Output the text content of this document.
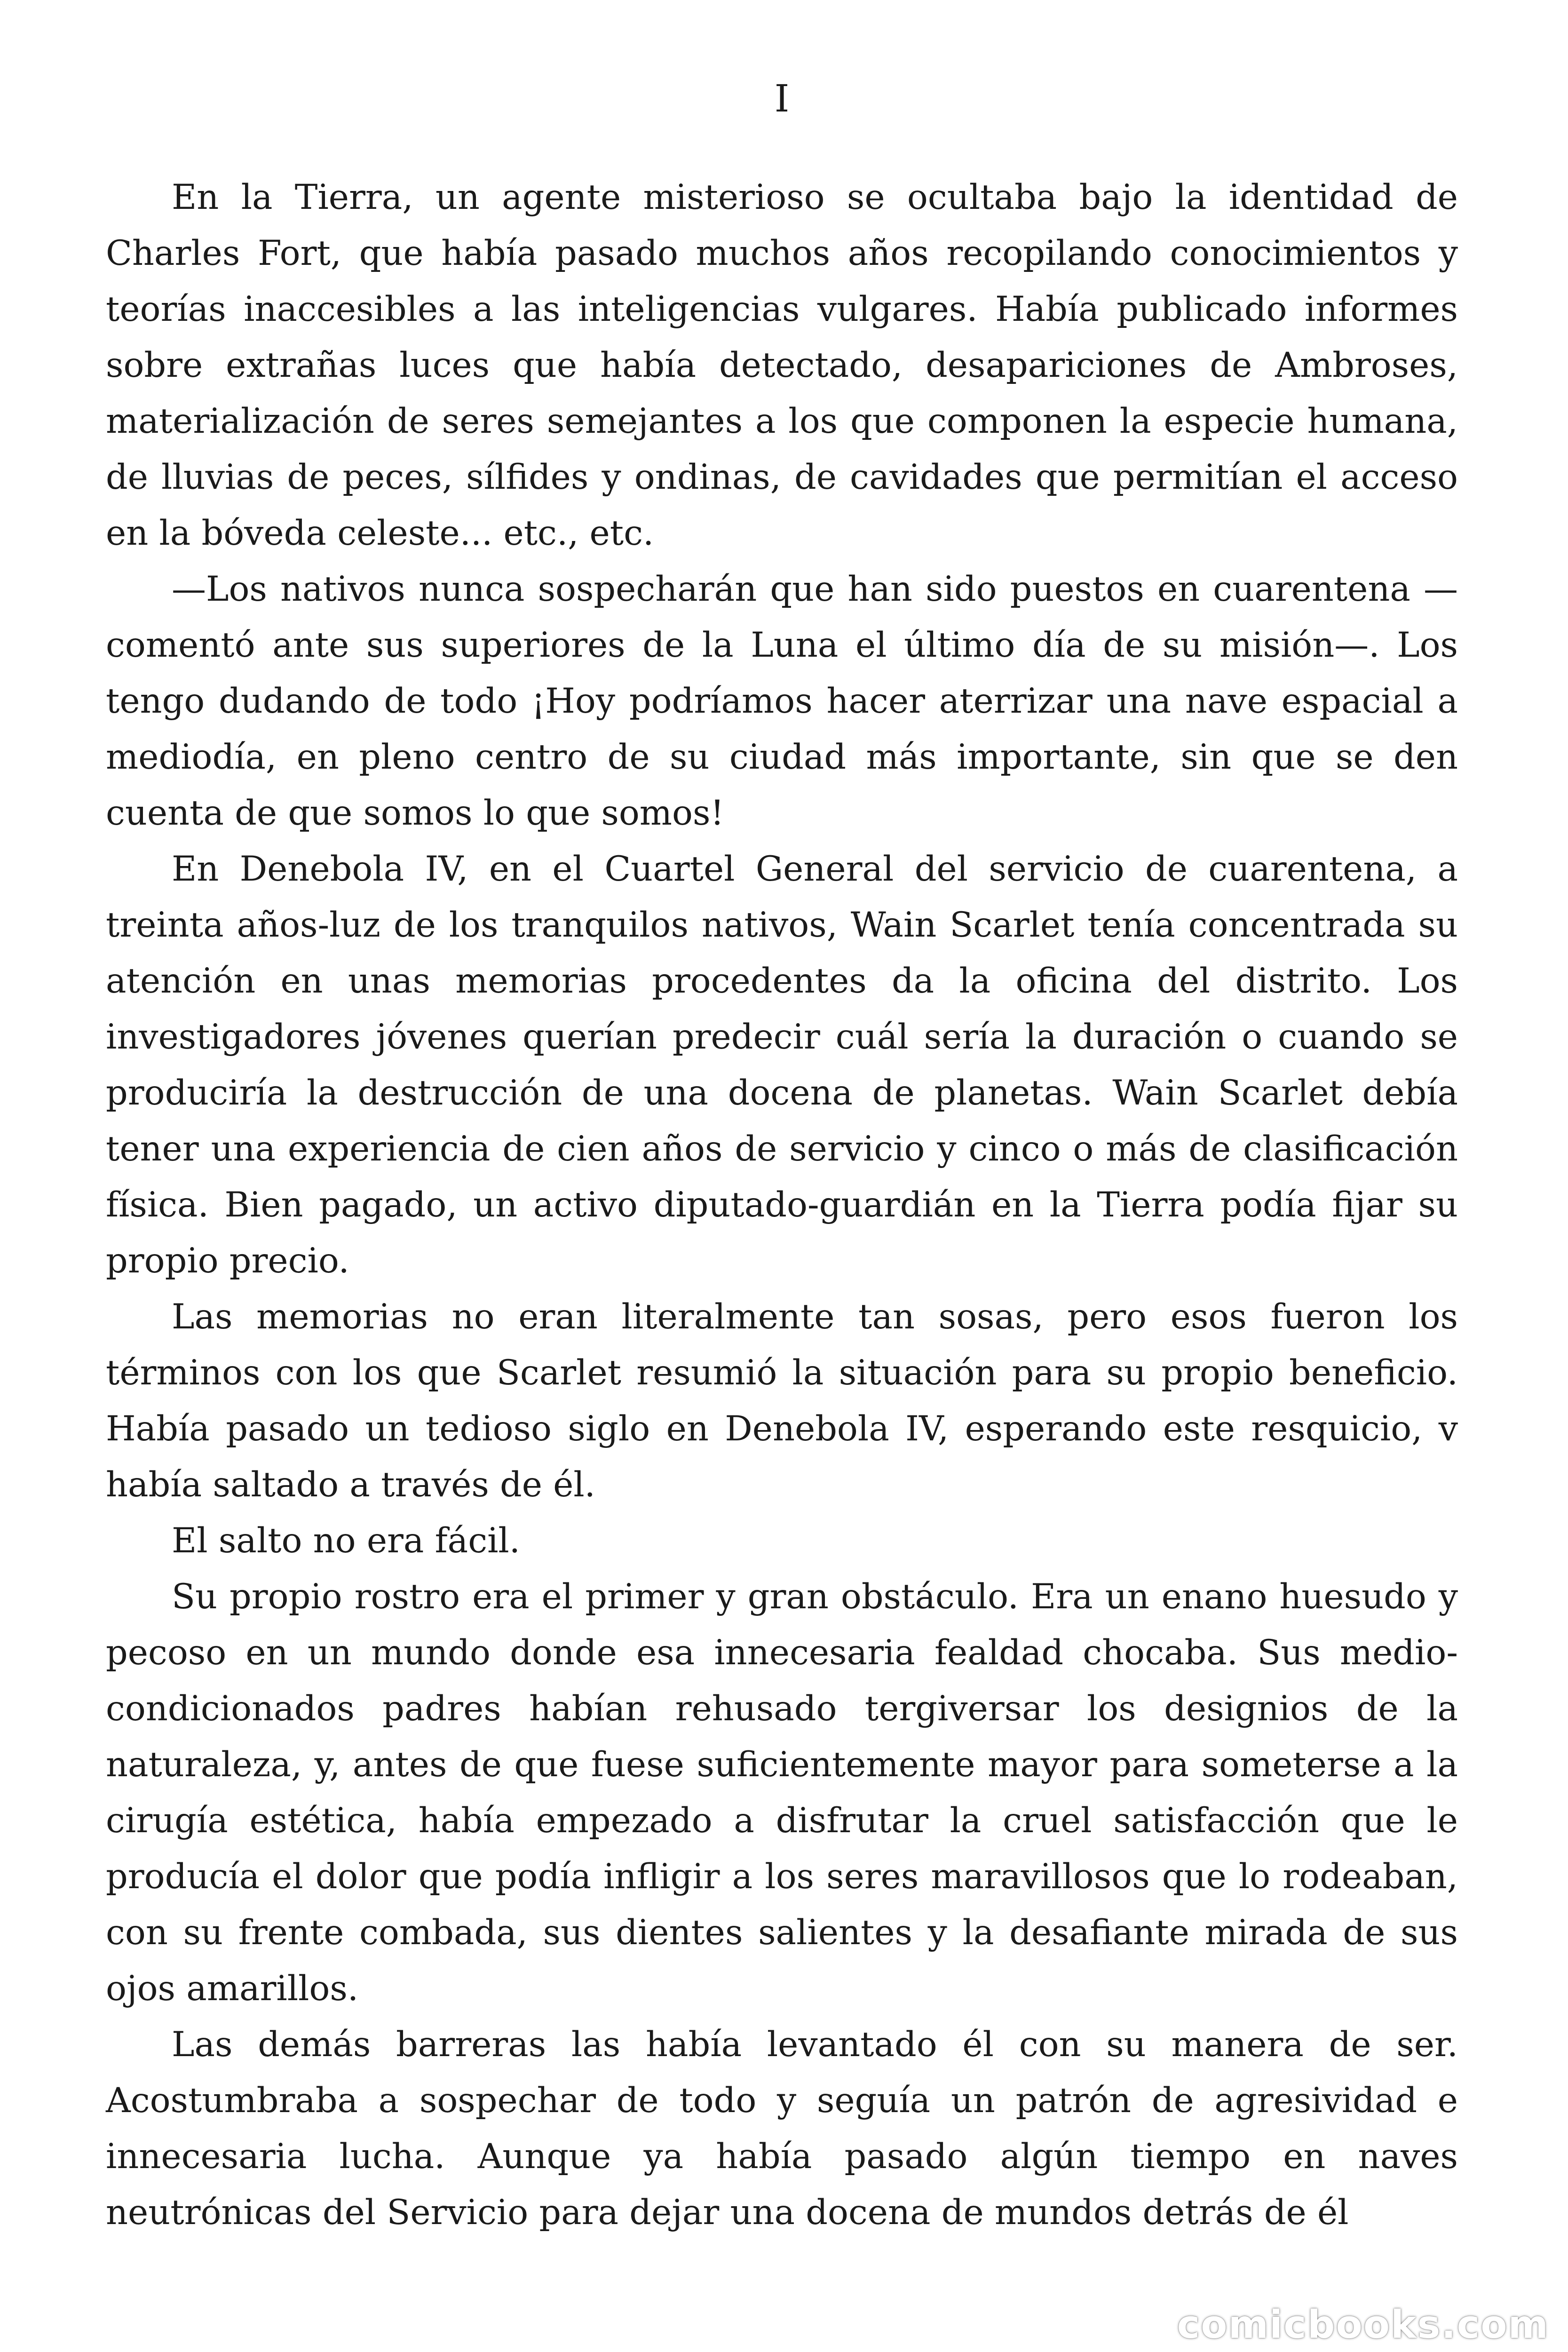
I

En la Tierra, un agente misterioso se ocultaba bajo la identidad de Charles Fort, que había pasado muchos años recopilando conocimientos y teorías inaccesibles a las inteligencias vulgares. Había publicado informes sobre extrañas luces que había detectado, desapariciones de Ambroses, materialización de seres semejantes a los que componen la especie humana, de lluvias de peces, sílfides y ondinas, de cavidades que permitían el acceso en la bóveda celeste... etc., etc.

—Los nativos nunca sospecharán que han sido puestos en cuarentena —comentó ante sus superiores de la Luna el último día de su misión—. Los tengo dudando de todo ¡Hoy podríamos hacer aterrizar una nave espacial a mediodía, en pleno centro de su ciudad más importante, sin que se den cuenta de que somos lo que somos!

En Denebola IV, en el Cuartel General del servicio de cuarentena, a treinta años-luz de los tranquilos nativos, Wain Scarlet tenía concentrada su atención en unas memorias procedentes da la oficina del distrito. Los investigadores jóvenes querían predecir cuál sería la duración o cuando se produciría la destrucción de una docena de planetas. Wain Scarlet debía tener una experiencia de cien años de servicio y cinco o más de clasificación física. Bien pagado, un activo diputado-guardián en la Tierra podía fijar su propio precio.

Las memorias no eran literalmente tan sosas, pero esos fueron los términos con los que Scarlet resumió la situación para su propio beneficio. Había pasado un tedioso siglo en Denebola IV, esperando este resquicio, v había saltado a través de él.

El salto no era fácil.

Su propio rostro era el primer y gran obstáculo. Era un enano huesudo y pecoso en un mundo donde esa innecesaria fealdad chocaba. Sus medio-condicionados padres habían rehusado tergiversar los designios de la naturaleza, y, antes de que fuese suficientemente mayor para someterse a la cirugía estética, había empezado a disfrutar la cruel satisfacción que le producía el dolor que podía infligir a los seres maravillosos que lo rodeaban, con su frente combada, sus dientes salientes y la desafiante mirada de sus ojos amarillos.

Las demás barreras las había levantado él con su manera de ser. Acostumbraba a sospechar de todo y seguía un patrón de agresividad e innecesaria lucha. Aunque ya había pasado algún tiempo en naves neutrónicas del Servicio para dejar una docena de mundos detrás de él

comicbooks.com
